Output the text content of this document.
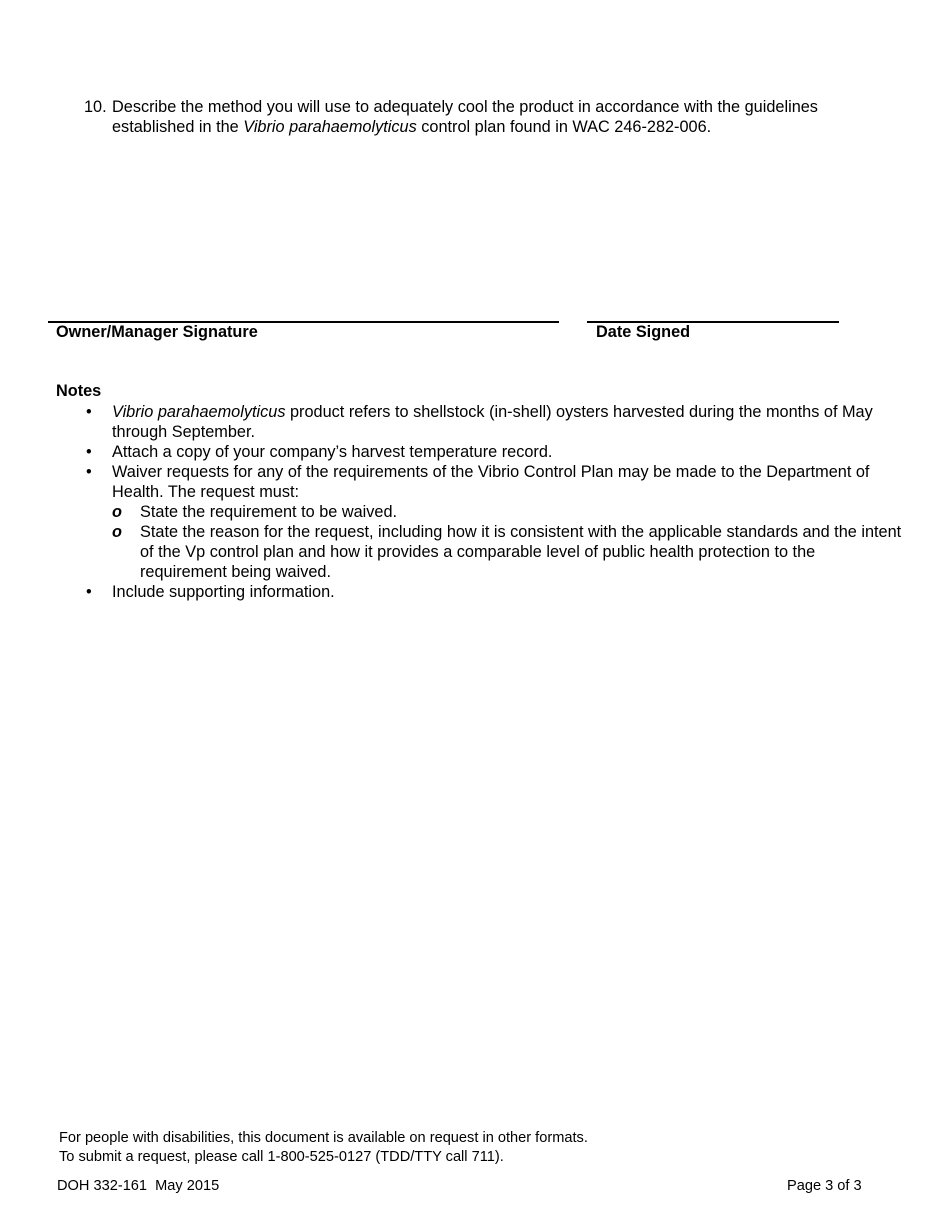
10. Describe the method you will use to adequately cool the product in accordance with the guidelines established in the Vibrio parahaemolyticus control plan found in WAC 246-282-006.
Owner/Manager Signature	Date Signed
Notes
• Vibrio parahaemolyticus product refers to shellstock (in-shell) oysters harvested during the months of May through September.
• Attach a copy of your company’s harvest temperature record.
• Waiver requests for any of the requirements of the Vibrio Control Plan may be made to the Department of Health. The request must:
o State the requirement to be waived.
o State the reason for the request, including how it is consistent with the applicable standards and the intent of the Vp control plan and how it provides a comparable level of public health protection to the requirement being waived.
• Include supporting information.
For people with disabilities, this document is available on request in other formats.
To submit a request, please call 1-800-525-0127 (TDD/TTY call 711).
DOH 332-161  May 2015	Page 3 of 3
